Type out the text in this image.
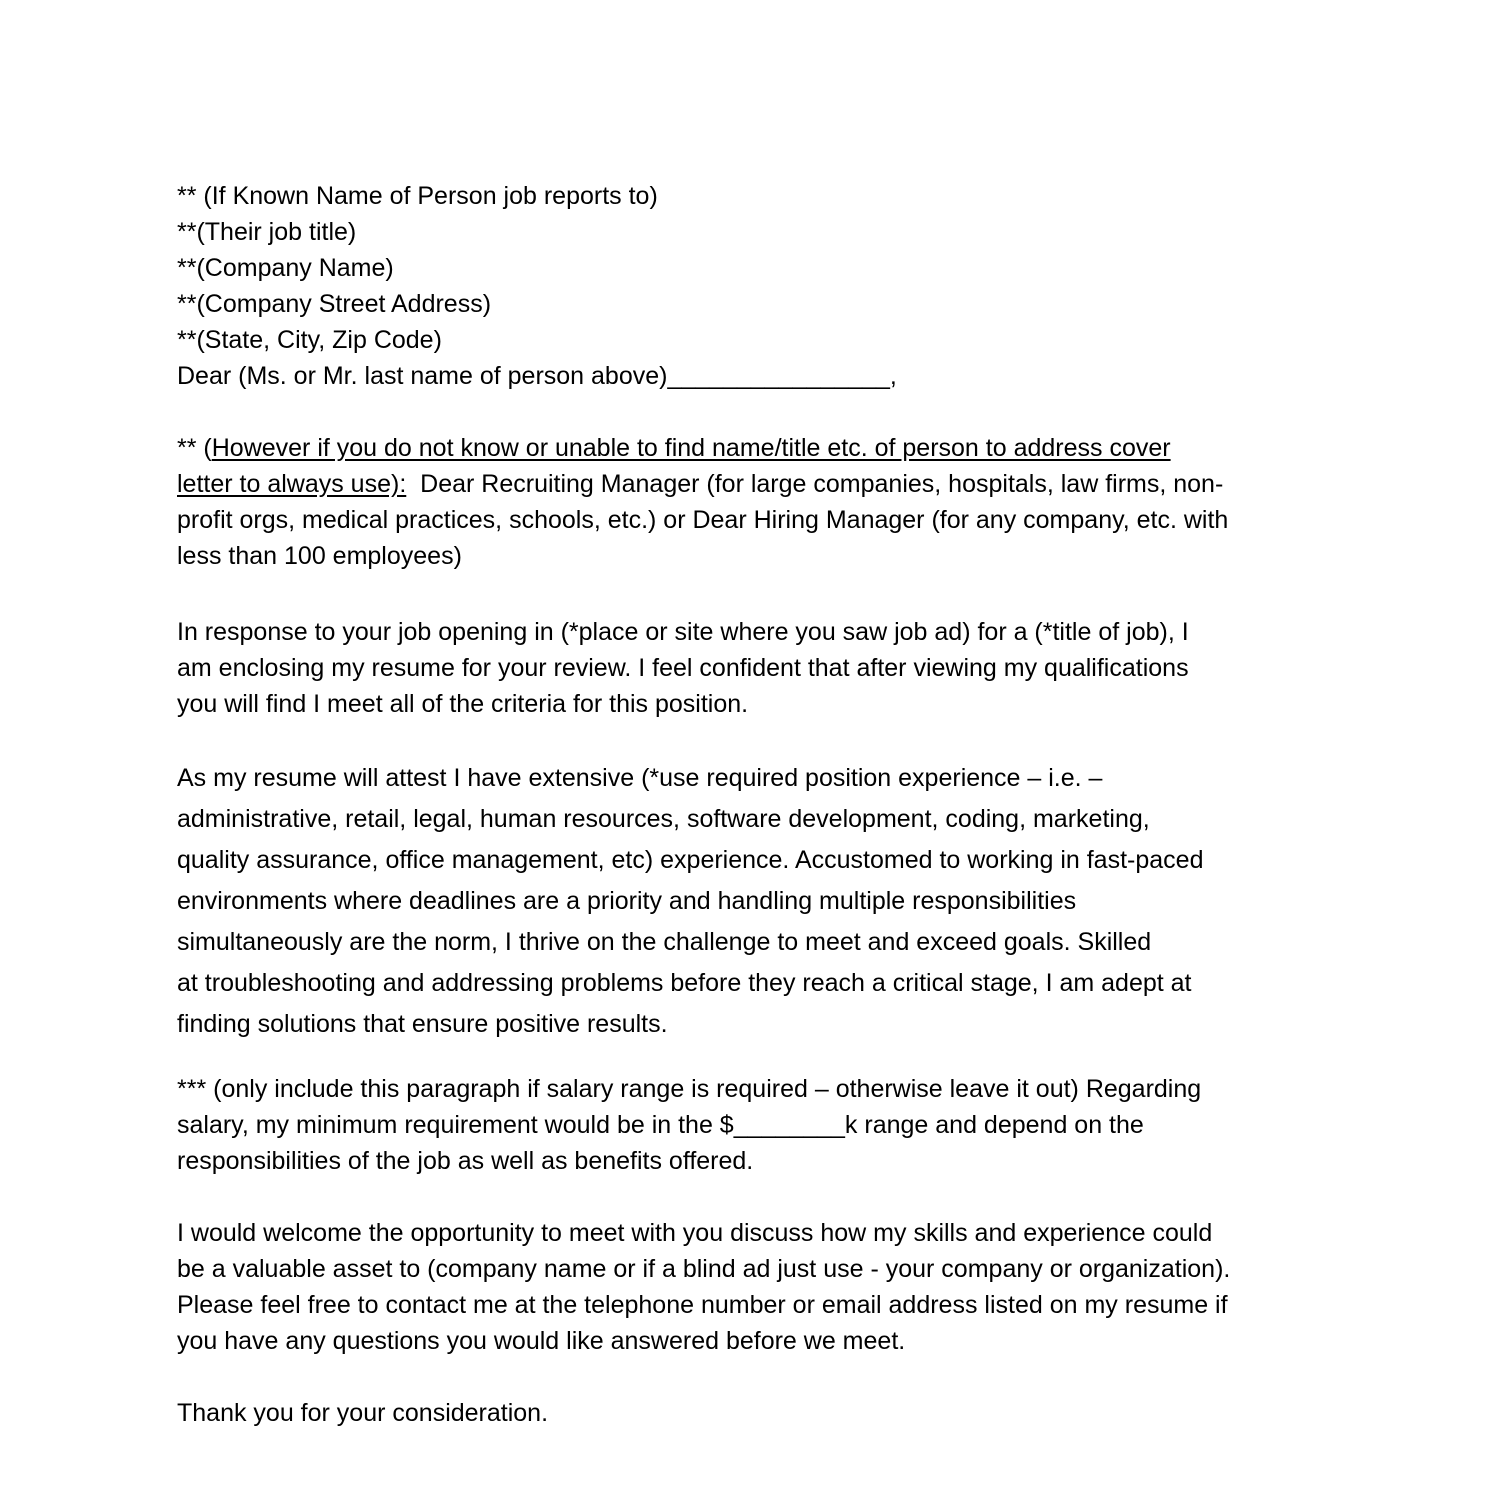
** (If Known Name of Person job reports to)
**(Their job title)
**(Company Name)
**(Company Street Address)
**(State, City, Zip Code)
Dear (Ms. or Mr. last name of person above)________________,
** (However if you do not know or unable to find name/title etc. of person to address cover
letter to always use):  Dear Recruiting Manager (for large companies, hospitals, law firms, non-
profit orgs, medical practices, schools, etc.) or Dear Hiring Manager (for any company, etc. with
less than 100 employees)
In response to your job opening in (*place or site where you saw job ad) for a (*title of job), I
am enclosing my resume for your review. I feel confident that after viewing my qualifications
you will find I meet all of the criteria for this position.
As my resume will attest I have extensive (*use required position experience – i.e. –
administrative, retail, legal, human resources, software development, coding, marketing,
quality assurance, office management, etc) experience. Accustomed to working in fast-paced
environments where deadlines are a priority and handling multiple responsibilities
simultaneously are the norm, I thrive on the challenge to meet and exceed goals. Skilled
at troubleshooting and addressing problems before they reach a critical stage, I am adept at
finding solutions that ensure positive results.
*** (only include this paragraph if salary range is required – otherwise leave it out) Regarding
salary, my minimum requirement would be in the $________k range and depend on the
responsibilities of the job as well as benefits offered.
I would welcome the opportunity to meet with you discuss how my skills and experience could
be a valuable asset to (company name or if a blind ad just use - your company or organization).
Please feel free to contact me at the telephone number or email address listed on my resume if
you have any questions you would like answered before we meet.
Thank you for your consideration.
